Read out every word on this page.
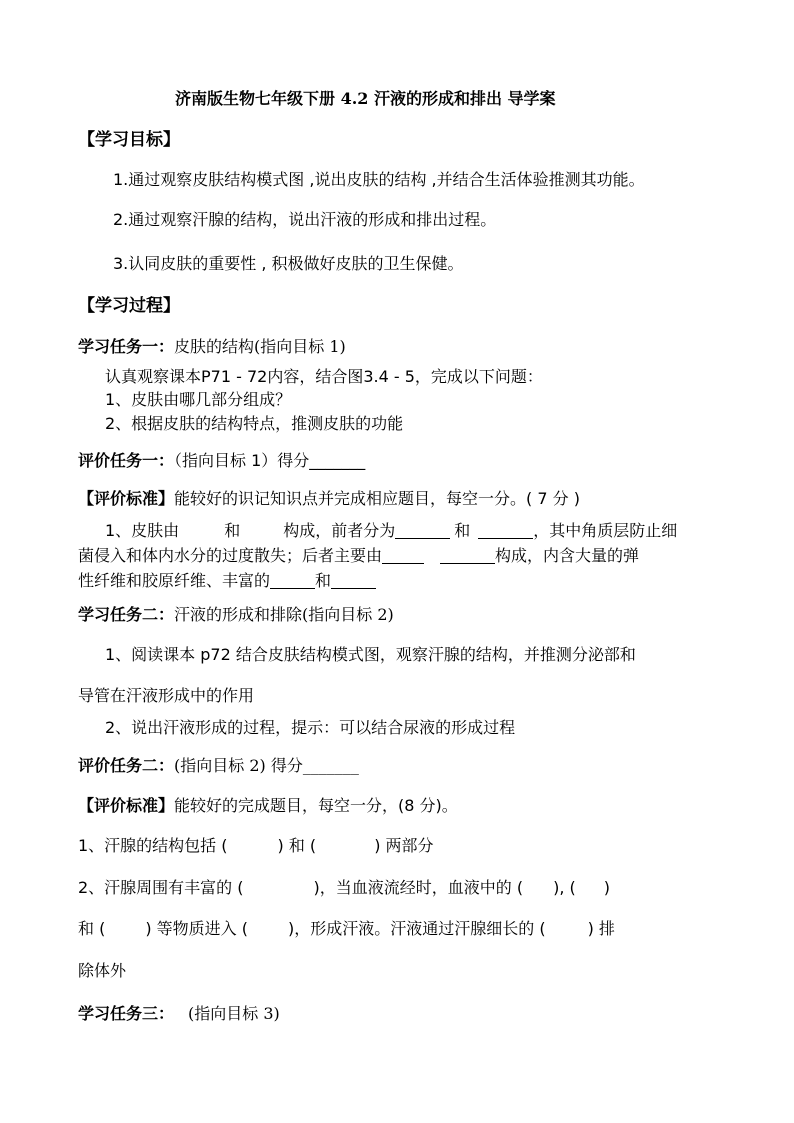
济南版生物七年级下册 4.2 汗液的形成和排出 导学案
【学习目标】
1.通过观察皮肤结构模式图 ,说出皮肤的结构 ,并结合生活体验推测其功能。
2.通过观察汗腺的结构，说出汗液的形成和排出过程。
3.认同皮肤的重要性 , 积极做好皮肤的卫生保健。
【学习过程】
学习任务一：皮肤的结构(指向目标 1)
认真观察课本P71 - 72内容，结合图3.4 - 5，完成以下问题：
1、皮肤由哪几部分组成？
2、根据皮肤的结构特点，推测皮肤的功能
评价任务一：（指向目标 1）得分_______
【评价标准】能较好的识记知识点并完成相应题目，每空一分。( 7 分 )
1、皮肤由	和	构成，前者分为	和	，其中角质层防止细
菌侵入和体内水分的过度散失；后者主要由	构成，内含大量的弹
性纤维和胶原纤维、丰富的	和
学习任务二：汗液的形成和排除(指向目标 2)
1、阅读课本 p72 结合皮肤结构模式图，观察汗腺的结构，并推测分泌部和
导管在汗液形成中的作用
2、说出汗液形成的过程，提示：可以结合尿液的形成过程
评价任务二：(指向目标 2) 得分_______
【评价标准】能较好的完成题目，每空一分，(8 分)。
1、汗腺的结构包括 (	) 和 (	) 两部分
2、汗腺周围有丰富的 (	)，当血液流经时，血液中的 ( ), ( )
和 (	) 等物质进入 (	)，形成汗液。汗液通过汗腺细长的 (	) 排
除体外
学习任务三： (指向目标 3)
